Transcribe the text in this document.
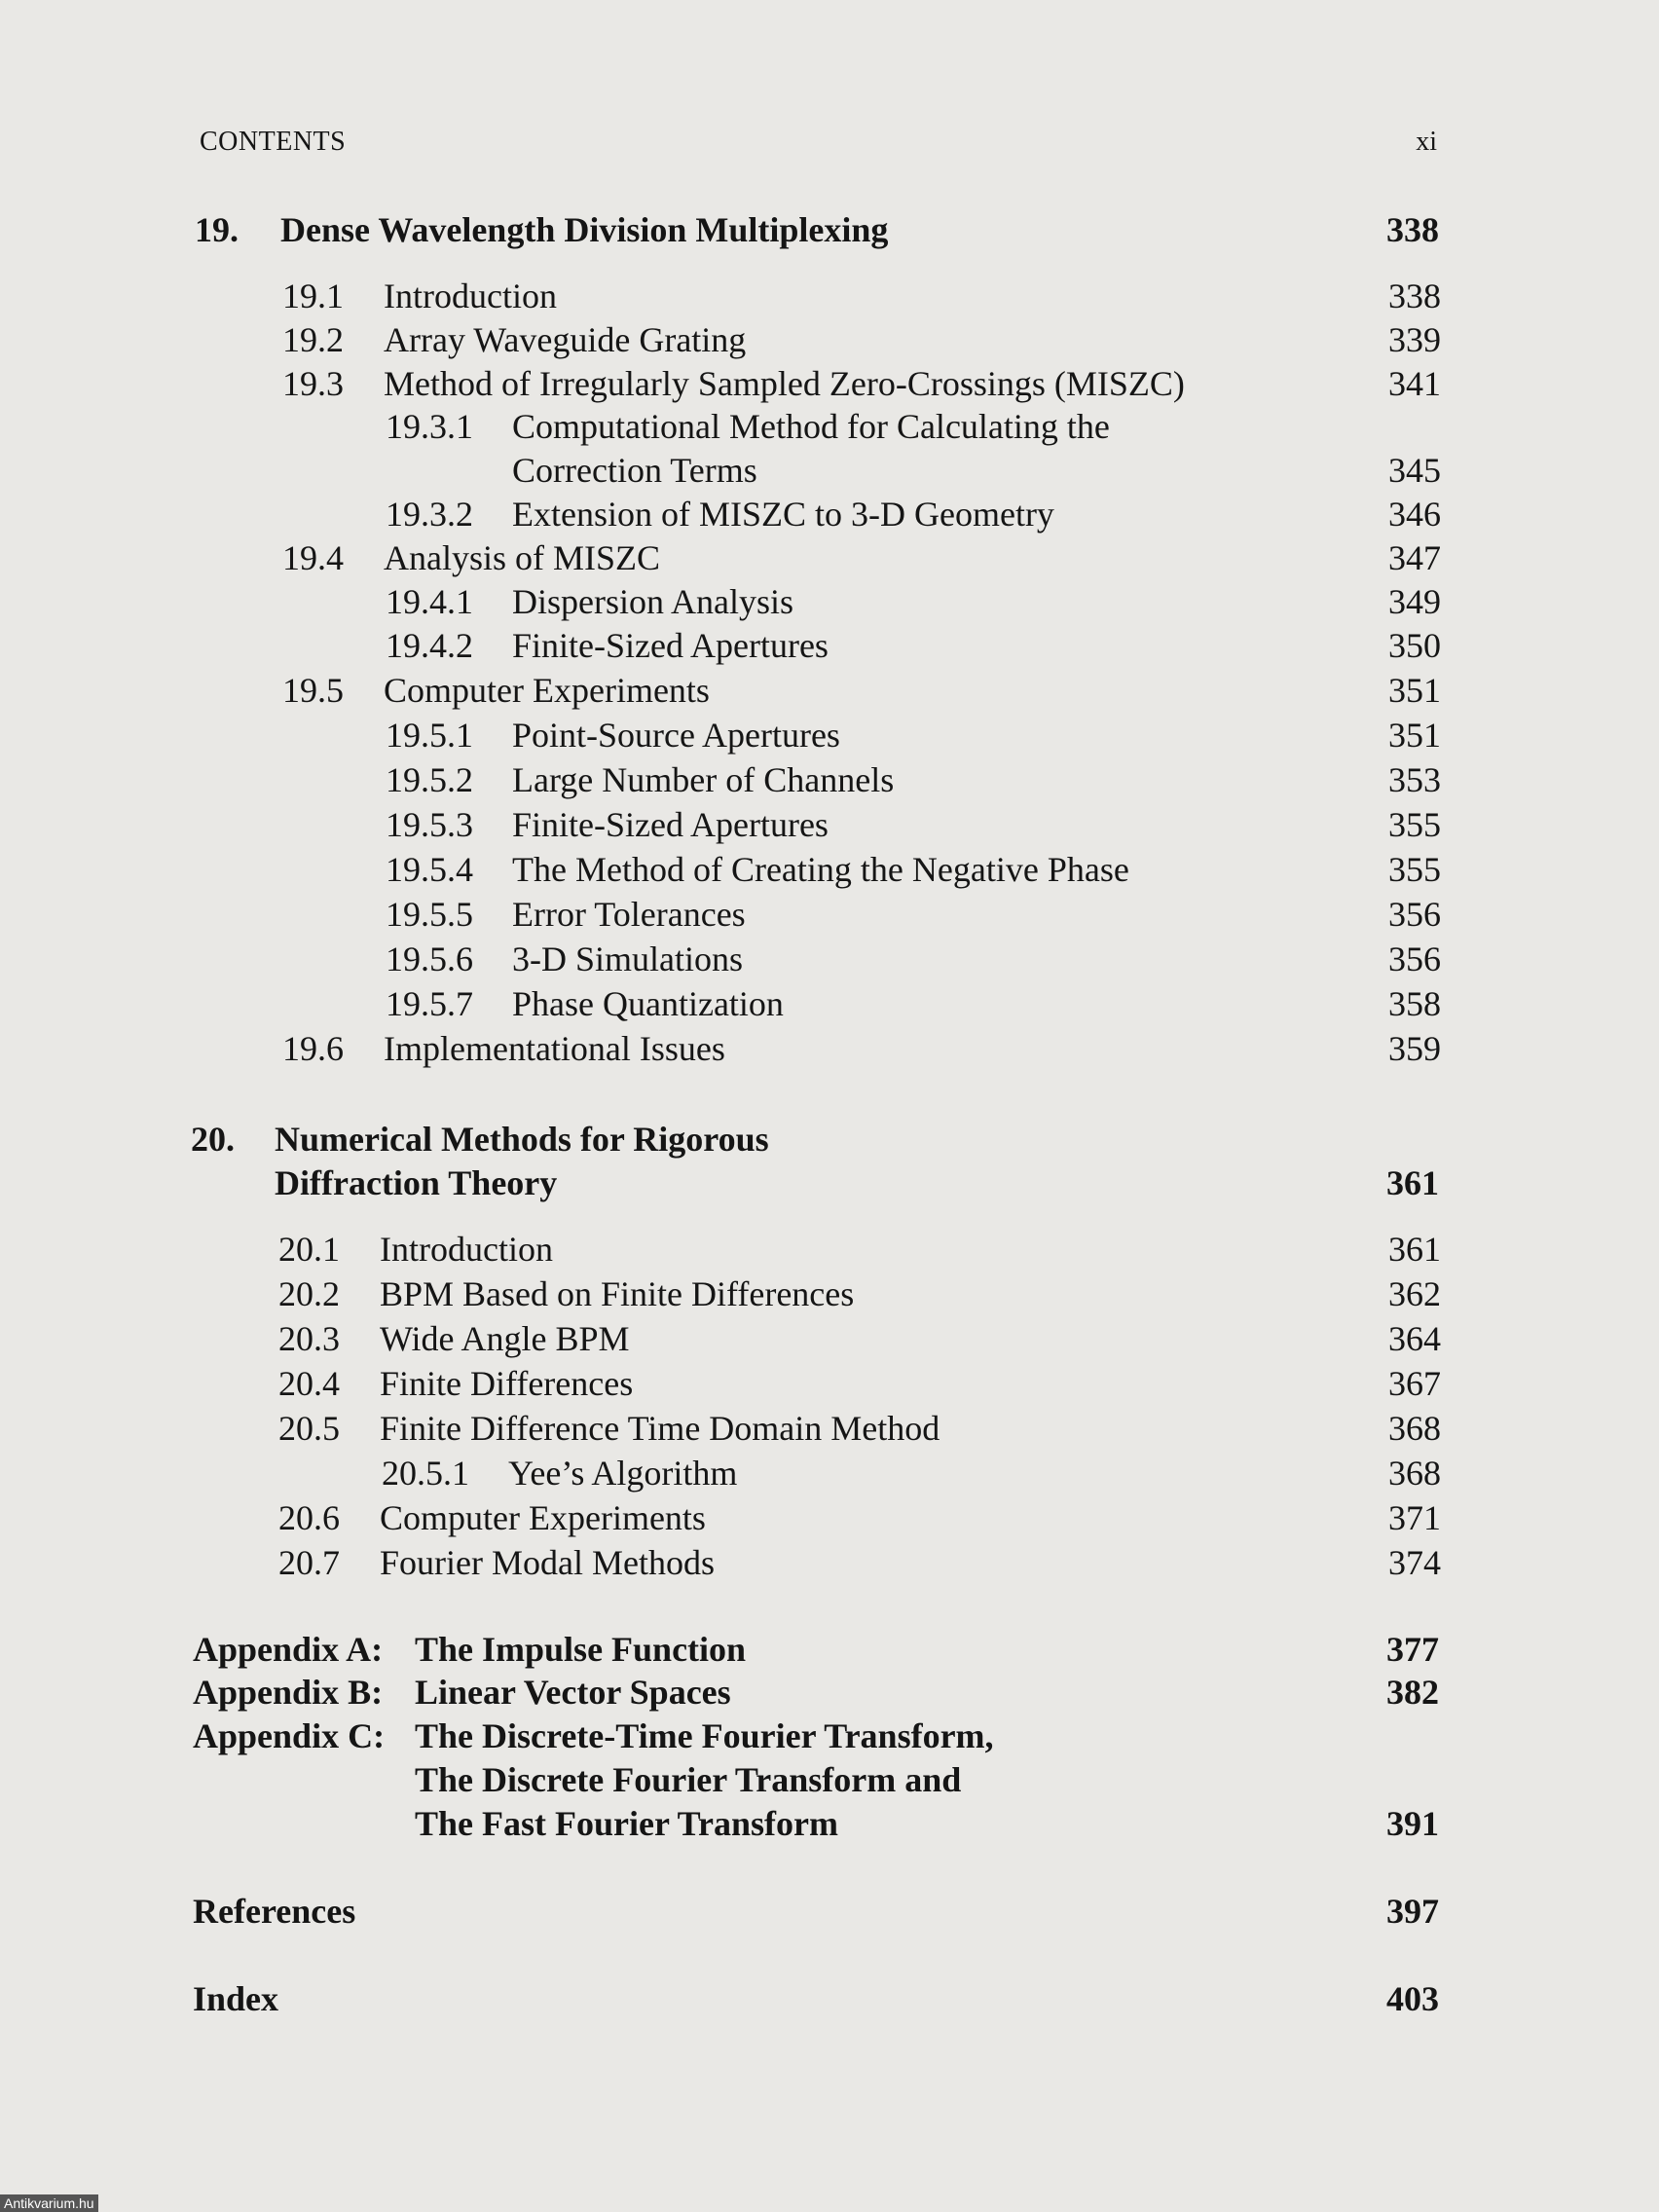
CONTENTS	xi
19. Dense Wavelength Division Multiplexing	338
19.1 Introduction	338
19.2 Array Waveguide Grating	339
19.3 Method of Irregularly Sampled Zero-Crossings (MISZC)	341
19.3.1 Computational Method for Calculating the
Correction Terms	345
19.3.2 Extension of MISZC to 3-D Geometry	346
19.4 Analysis of MISZC	347
19.4.1 Dispersion Analysis	349
19.4.2 Finite-Sized Apertures	350
19.5 Computer Experiments	351
19.5.1 Point-Source Apertures	351
19.5.2 Large Number of Channels	353
19.5.3 Finite-Sized Apertures	355
19.5.4 The Method of Creating the Negative Phase	355
19.5.5 Error Tolerances	356
19.5.6 3-D Simulations	356
19.5.7 Phase Quantization	358
19.6 Implementational Issues	359
20. Numerical Methods for Rigorous
Diffraction Theory	361
20.1 Introduction	361
20.2 BPM Based on Finite Differences	362
20.3 Wide Angle BPM	364
20.4 Finite Differences	367
20.5 Finite Difference Time Domain Method	368
20.5.1 Yee’s Algorithm	368
20.6 Computer Experiments	371
20.7 Fourier Modal Methods	374
Appendix A: The Impulse Function	377
Appendix B: Linear Vector Spaces	382
Appendix C: The Discrete-Time Fourier Transform,
The Discrete Fourier Transform and
The Fast Fourier Transform	391
References	397
Index	403
Antikvarium.hu
